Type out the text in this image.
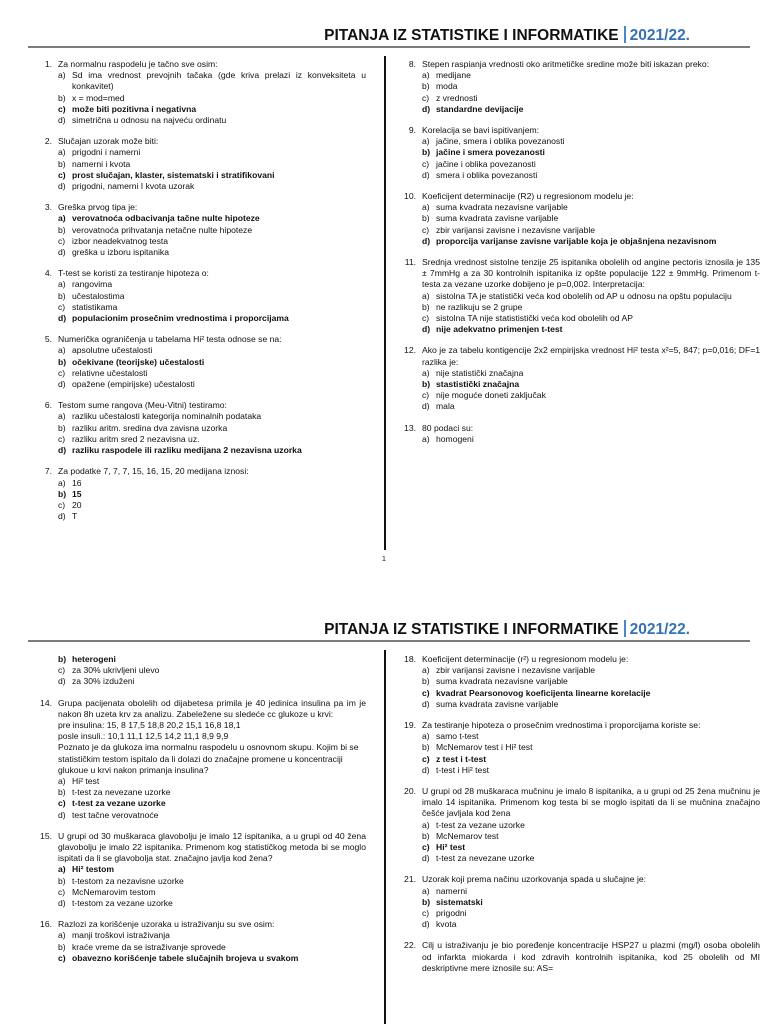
PITANJA IZ STATISTIKE I INFORMATIKE 2021/22.
1. Za normalnu raspodelu je tačno sve osim:
a) Sd ima vrednost prevojnih tačaka (gde kriva prelazi iz konveksiteta u konkavitet)
b) x = mod=med
c) može biti pozitivna i negativna
d) simetrična u odnosu na najveću ordinatu
2. Slučajan uzorak može biti:
a) prigodni i namerni
b) namerni i kvota
c) prost slučajan, klaster, sistematski i stratifikovani
d) prigodni, namerni I kvota uzorak
3. Greška prvog tipa je:
a) verovatnoća odbacivanja tačne nulte hipoteze
b) verovatnoća prihvatanja netačne nulte hipoteze
c) izbor neadekvatnog testa
d) greška u izboru ispitanika
4. T-test se koristi za testiranje hipoteza o:
a) rangovima
b) učestalostima
c) statistikama
d) populacionim prosečnim vrednostima i proporcijama
5. Numerička ograničenja u tabelama Hi² testa odnose se na:
a) apsolutne učestalosti
b) očekivane (teorijske) učestalosti
c) relativne učestalosti
d) opažene (empirijske) učestalosti
6. Testom sume rangova (Meu-Vitni) testiramo:
a) razliku učestalosti kategorija nominalnih podataka
b) razliku aritm. sredina dva zavisna uzorka
c) razliku aritm sred 2 nezavisna uz.
d) razliku raspodele ili razliku medijana 2 nezavisna uzorka
7. Za podatke 7, 7, 7, 15, 16, 15, 20 medijana iznosi:
a) 16
b) 15
c) 20
d) T
8. Stepen raspianja vrednosti oko aritmetičke sredine može biti iskazan preko:
a) medijane
b) moda
c) z vrednosti
d) standardne devijacije
9. Korelacija se bavi ispitivanjem:
a) jačine, smera i oblika povezanosti
b) jačine i smera povezanosti
c) jačine i oblika povezanosti
d) smera i oblika povezanosti
10. Koeficijent determinacije (R2) u regresionom modelu je:
a) suma kvadrata nezavisne varijable
b) suma kvadrata zavisne varijable
c) zbir varijansi zavisne i nezavisne varijable
d) proporcija varijanse zavisne varijable koja je objašnjena nezavisnom
11. Srednja vrednost sistolne tenzije 25 ispitanika obolelih od angine pectoris iznosila je 135 ± 7mmHg a za 30 kontrolnih ispitanika iz opšte populacije 122 ± 9mmHg. Primenom t-testa za vezane uzorke dobijeno je p=0,002. Interpretacija:
a) sistolna TA je statistički veća kod obolelih od AP u odnosu na opštu populaciju
b) ne razlikuju se 2 grupe
c) sistolna TA nije statististički veća kod obolelih od AP
d) nije adekvatno primenjen t-test
12. Ako je za tabelu kontigencije 2x2 empirijska vrednost Hi² testa x²=5, 847; p=0,016; DF=1 razlika je:
a) nije statistički značajna
b) stastistički značajna
c) nije moguće doneti zaključak
d) mala
13. 80 podaci su:
a) homogeni
1
PITANJA IZ STATISTIKE I INFORMATIKE 2021/22.
b) heterogeni
c) za 30% ukrivljeni ulevo
d) za 30% izduženi
14. Grupa pacijenata obolelih od dijabetesa primila je 40 jedinica insulina pa im je nakon 8h uzeta krv za analizu. Zabeležene su sledeće cc glukoze u krvi:
pre insulina: 15, 8 17,5 18,8 20,2 15,1 16,8 18,1
posle insuli.: 10,1 11,1 12,5 14,2 11,1 8,9 9,9
Poznato je da glukoza ima normalnu raspodelu u osnovnom skupu. Kojim bi se statističkim testom ispitalo da li dolazi do značajne promene u koncentraciji glukoue u krvi nakon primanja insulina?
a) Hi² test
b) t-test za nevezane uzorke
c) t-test za vezane uzorke
d) test tačne verovatnoće
15. U grupi od 30 muškaraca glavobolju je imalo 12 ispitanika, a u grupi od 40 žena glavobolju je imalo 22 ispitanika. Primenom kog statističkog metoda bi se moglo ispitati da li se glavobolja stat. značajno javlja kod žena?
a) Hi² testom
b) t-testom za nezavisne uzorke
c) McNemarovim testom
d) t-testom za vezane uzorke
16. Razlozi za korišćenje uzoraka u istraživanju su sve osim:
a) manji troškovi istraživanja
b) kraće vreme da se istraživanje sprovede
c) obavezno korišćenje tabele slučajnih brojeva u svakom
18. Koeficijent determinacije (r²) u regresionom modelu je:
a) zbir varijansi zavisne i nezavisne varijable
b) suma kvadrata nezavisne varijable
c) kvadrat Pearsonovog koeficijenta linearne korelacije
d) suma kvadrata zavisne varijable
19. Za testiranje hipoteza o prosečnim vrednostima i proporcijama koriste se:
a) samo t-test
b) McNemarov test i Hi² test
c) z test i t-test
d) t-test i Hi² test
20. U grupi od 28 muškaraca mučninu je imalo 8 ispitanika, a u grupi od 25 žena mučninu je imalo 14 ispitanika. Primenom kog testa bi se moglo ispitati da li se mučnina značajno češće javljala kod žena
a) t-test za vezane uzorke
b) McNemarov test
c) Hi² test
d) t-test za nevezane uzorke
21. Uzorak koji prema načinu uzorkovanja spada u slučajne je:
a) namerni
b) sistematski
c) prigodni
d) kvota
22. Cilj u istraživanju je bio poređenje koncentracije HSP27 u plazmi (mg/l) osoba obolelih od infarkta miokarda i kod zdravih kontrolnih ispitanika, kod 25 obolelih od MI deskriptivne mere iznosile su: AS=
